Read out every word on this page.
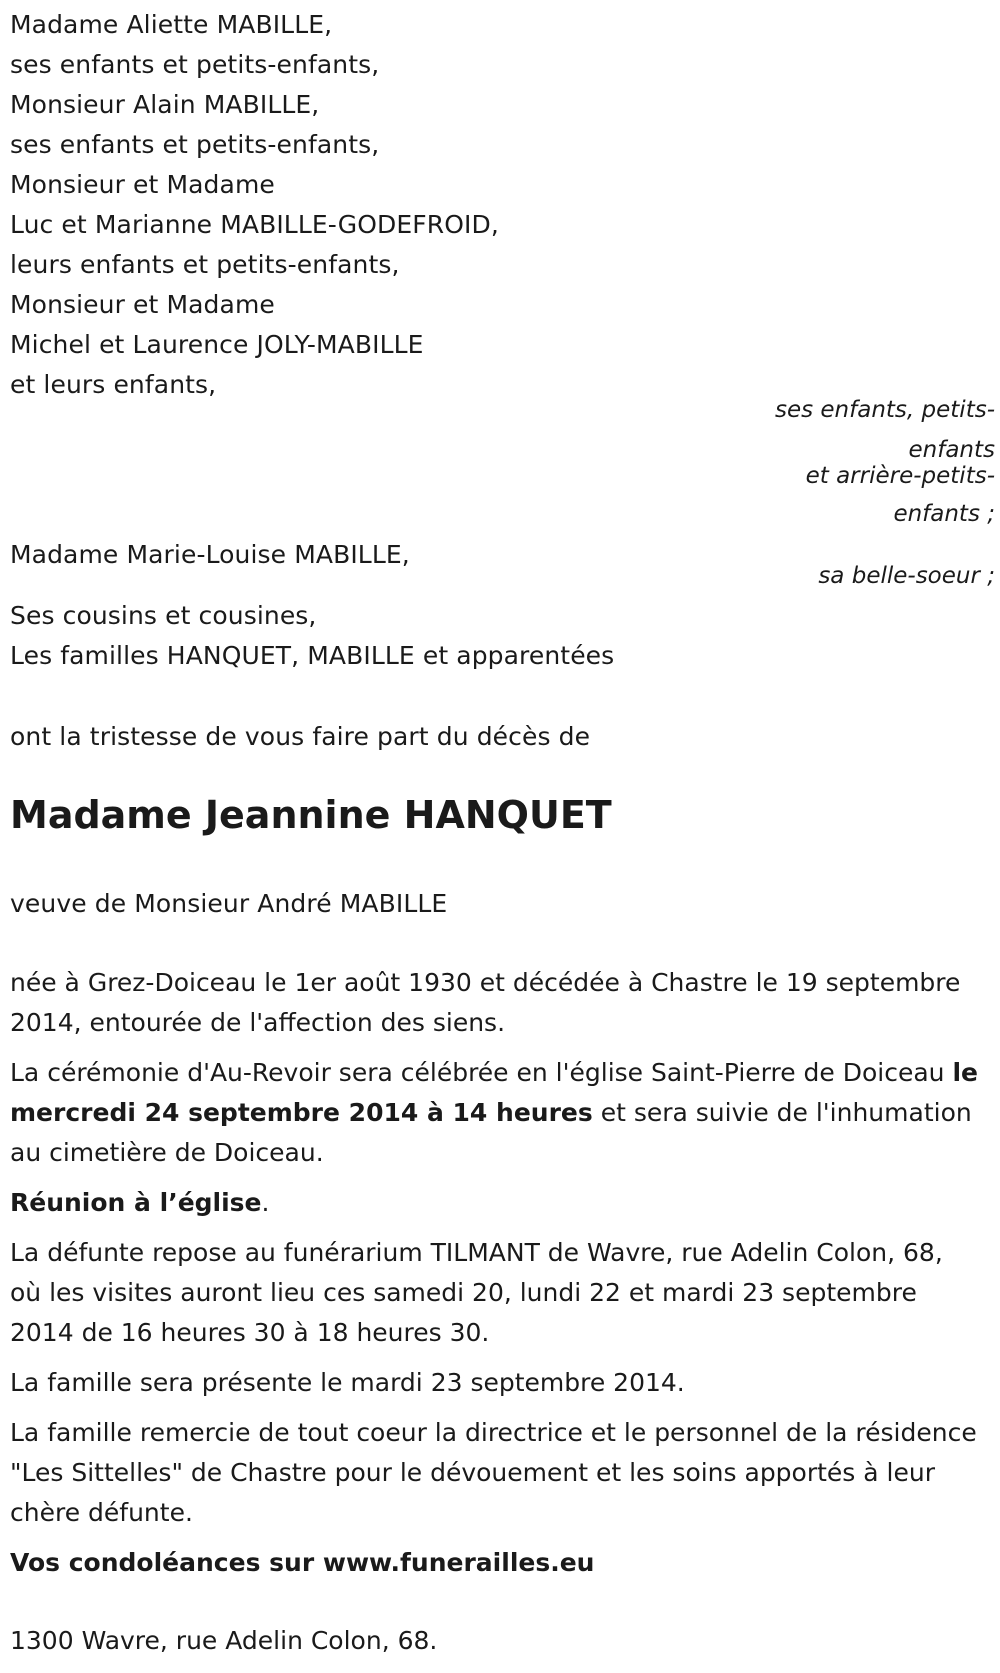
Madame Aliette MABILLE,
ses enfants et petits-enfants,
Monsieur Alain MABILLE,
ses enfants et petits-enfants,
Monsieur et Madame
Luc et Marianne MABILLE-GODEFROID,
leurs enfants et petits-enfants,
Monsieur et Madame
Michel et Laurence JOLY-MABILLE
et leurs enfants,
ses enfants, petits-
enfants
et arrière-petits-
enfants ;
Madame Marie-Louise MABILLE,
sa belle-soeur ;
Ses cousins et cousines,
Les familles HANQUET, MABILLE et apparentées
ont la tristesse de vous faire part du décès de
Madame Jeannine HANQUET
veuve de Monsieur André MABILLE
née à Grez-Doiceau le 1er août 1930 et décédée à Chastre le 19 septembre 2014, entourée de l'affection des siens.
La cérémonie d'Au-Revoir sera célébrée en l'église Saint-Pierre de Doiceau le mercredi 24 septembre 2014 à 14 heures et sera suivie de l'inhumation au cimetière de Doiceau.
Réunion à l’église.
La défunte repose au funérarium TILMANT de Wavre, rue Adelin Colon, 68, où les visites auront lieu ces samedi 20, lundi 22 et mardi 23 septembre 2014 de 16 heures 30 à 18 heures 30.
La famille sera présente le mardi 23 septembre 2014.
La famille remercie de tout coeur la directrice et le personnel de la résidence "Les Sittelles" de Chastre pour le dévouement et les soins apportés à leur chère défunte.
Vos condoléances sur www.funerailles.eu
1300 Wavre, rue Adelin Colon, 68.
